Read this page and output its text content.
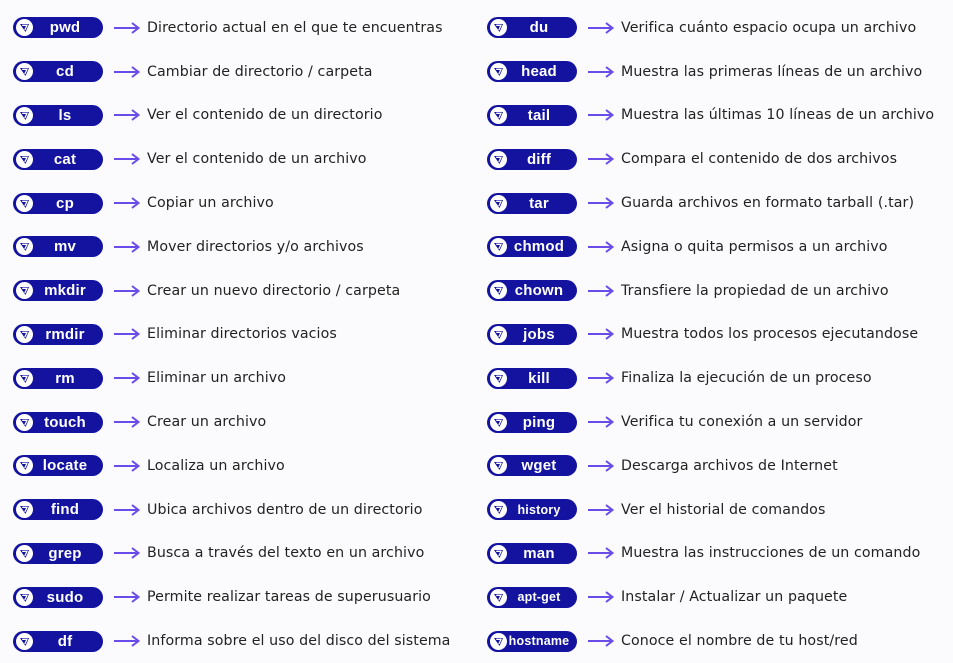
pwd	Directorio actual en el que te encuentras
cd	Cambiar de directorio / carpeta
ls	Ver el contenido de un directorio
cat	Ver el contenido de un archivo
cp	Copiar un archivo
mv	Mover directorios y/o archivos
mkdir	Crear un nuevo directorio / carpeta
rmdir	Eliminar directorios vacios
rm	Eliminar un archivo
touch	Crear un archivo
locate	Localiza un archivo
find	Ubica archivos dentro de un directorio
grep	Busca a través del texto en un archivo
sudo	Permite realizar tareas de superusuario
df	Informa sobre el uso del disco del sistema
du	Verifica cuánto espacio ocupa un archivo
head	Muestra las primeras líneas de un archivo
tail	Muestra las últimas 10 líneas de un archivo
diff	Compara el contenido de dos archivos
tar	Guarda archivos en formato tarball (.tar)
chmod	Asigna o quita permisos a un archivo
chown	Transfiere la propiedad de un archivo
jobs	Muestra todos los procesos ejecutandose
kill	Finaliza la ejecución de un proceso
ping	Verifica tu conexión a un servidor
wget	Descarga archivos de Internet
history	Ver el historial de comandos
man	Muestra las instrucciones de un comando
apt-get	Instalar / Actualizar un paquete
hostname	Conoce el nombre de tu host/red
